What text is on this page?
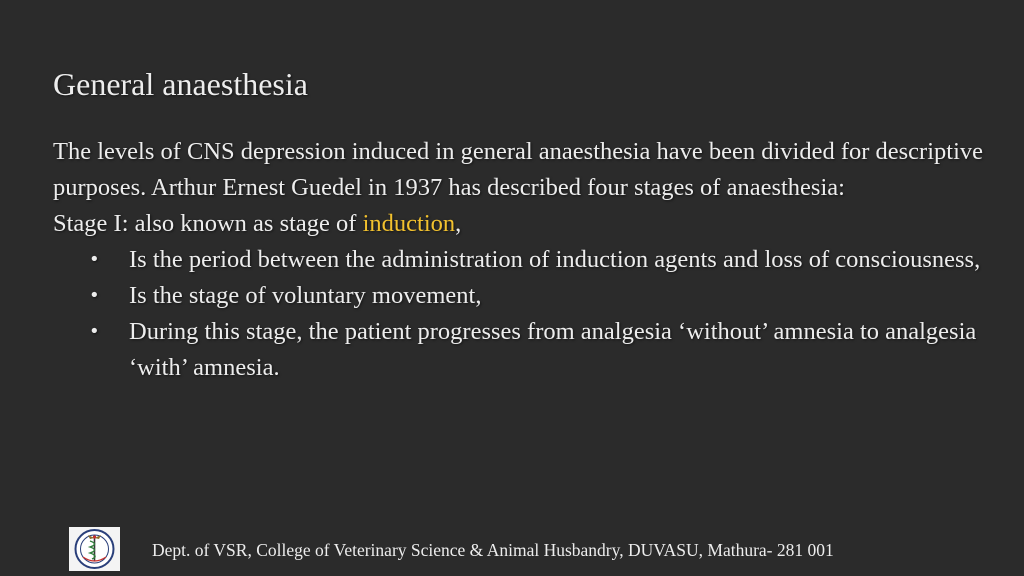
General anaesthesia

The levels of CNS depression induced in general anaesthesia have been divided for descriptive purposes. Arthur Ernest Guedel in 1937 has described four stages of anaesthesia:

Stage I: also known as stage of induction,

• Is the period between the administration of induction agents and loss of consciousness,
• Is the stage of voluntary movement,
• During this stage, the patient progresses from analgesia ‘without’ amnesia to analgesia ‘with’ amnesia.
Dept. of VSR, College of Veterinary Science & Animal Husbandry, DUVASU, Mathura- 281 001
